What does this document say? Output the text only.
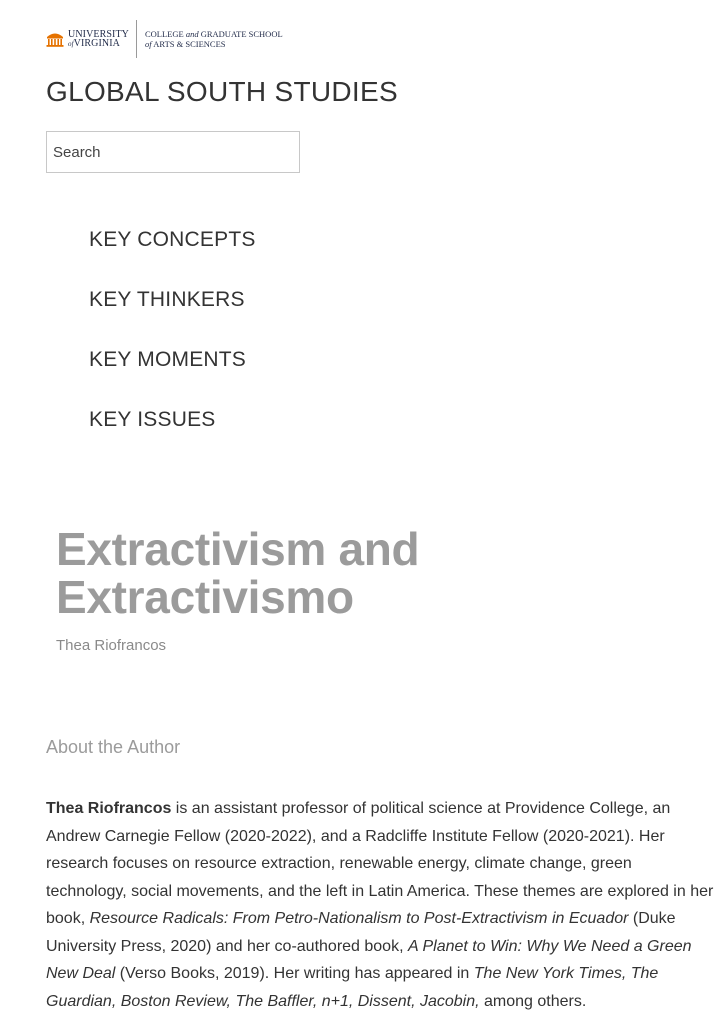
UNIVERSITY
ofVIRGINIA
COLLEGE and GRADUATE SCHOOL
of ARTS & SCIENCES
GLOBAL SOUTH STUDIES
Search
KEY CONCEPTS
KEY THINKERS
KEY MOMENTS
KEY ISSUES
Extractivism and
Extractivismo
Thea Riofrancos
About the Author

Thea Riofrancos is an assistant professor of political science at Providence College, an Andrew Carnegie Fellow (2020-2022), and a Radcliffe Institute Fellow (2020-2021). Her research focuses on resource extraction, renewable energy, climate change, green technology, social movements, and the left in Latin America. These themes are explored in her book, Resource Radicals: From Petro-Nationalism to Post-Extractivism in Ecuador (Duke University Press, 2020) and her co-authored book, A Planet to Win: Why We Need a Green New Deal (Verso Books, 2019). Her writing has appeared in The New York Times, The Guardian, Boston Review, The Baffler, n+1, Dissent, Jacobin, among others.
